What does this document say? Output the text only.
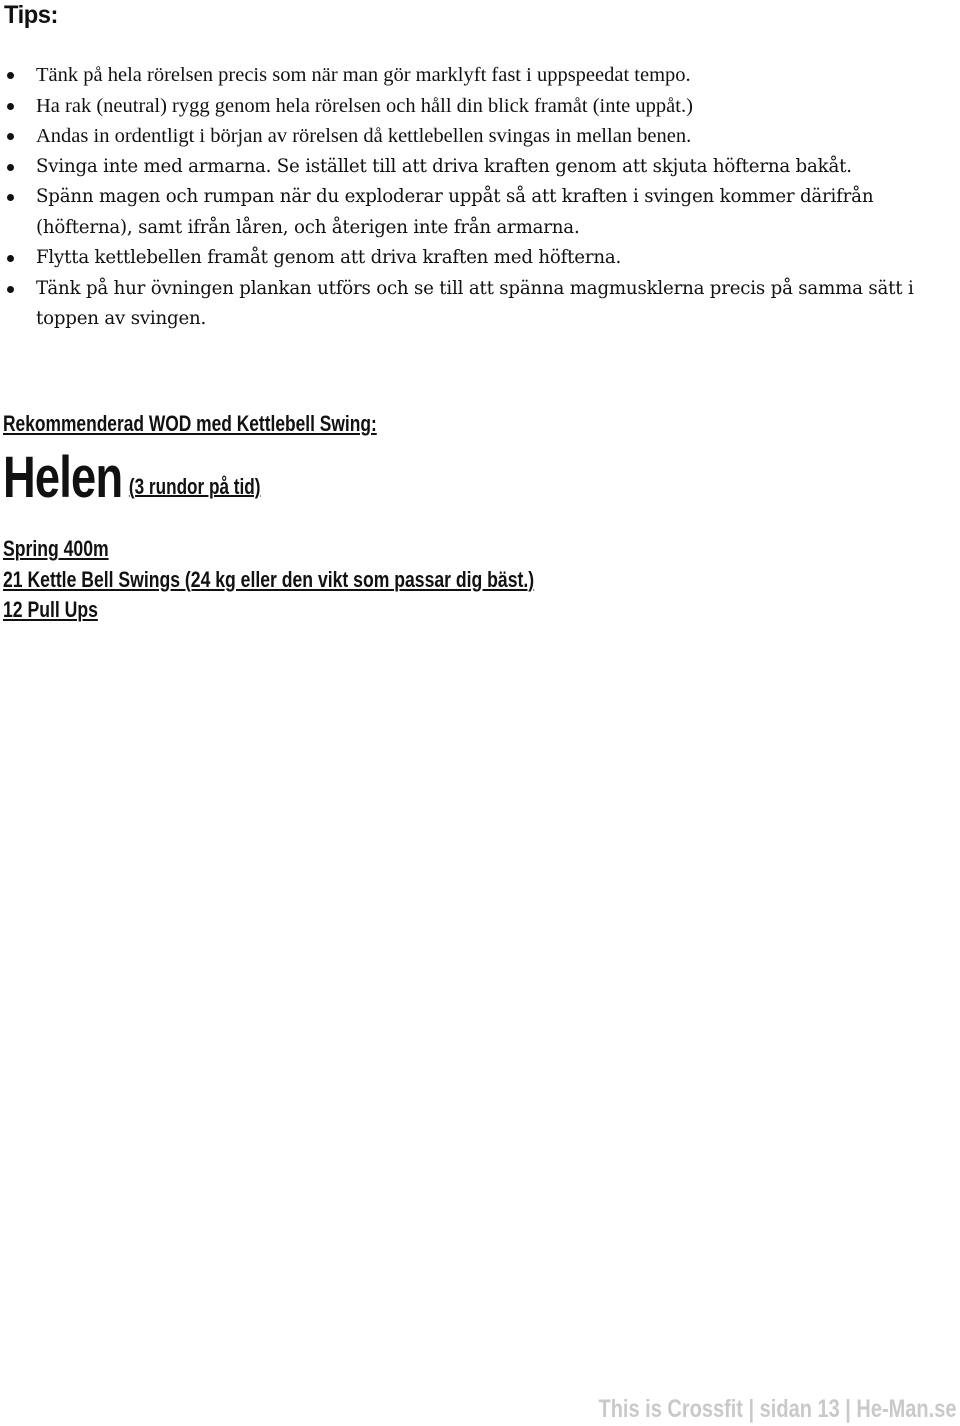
Tips:
Tänk på hela rörelsen precis som när man gör marklyft fast i uppspeedat tempo.
Ha rak (neutral) rygg genom hela rörelsen och håll din blick framåt (inte uppåt.)
Andas in ordentligt i början av rörelsen då kettlebellen svingas in mellan benen.
Svinga inte med armarna. Se istället till att driva kraften genom att skjuta höfterna bakåt.
Spänn magen och rumpan när du exploderar uppåt så att kraften i svingen kommer därifrån (höfterna), samt ifrån låren, och återigen inte från armarna.
Flytta kettlebellen framåt genom att driva kraften med höfterna.
Tänk på hur övningen plankan utförs och se till att spänna magmusklerna precis på samma sätt i toppen av svingen.
Rekommenderad WOD med Kettlebell Swing:
Helen (3 rundor på tid)
Spring 400m
21 Kettle Bell Swings (24 kg eller den vikt som passar dig bäst.)
12 Pull Ups
This is Crossfit | sidan 13 | He-Man.se
